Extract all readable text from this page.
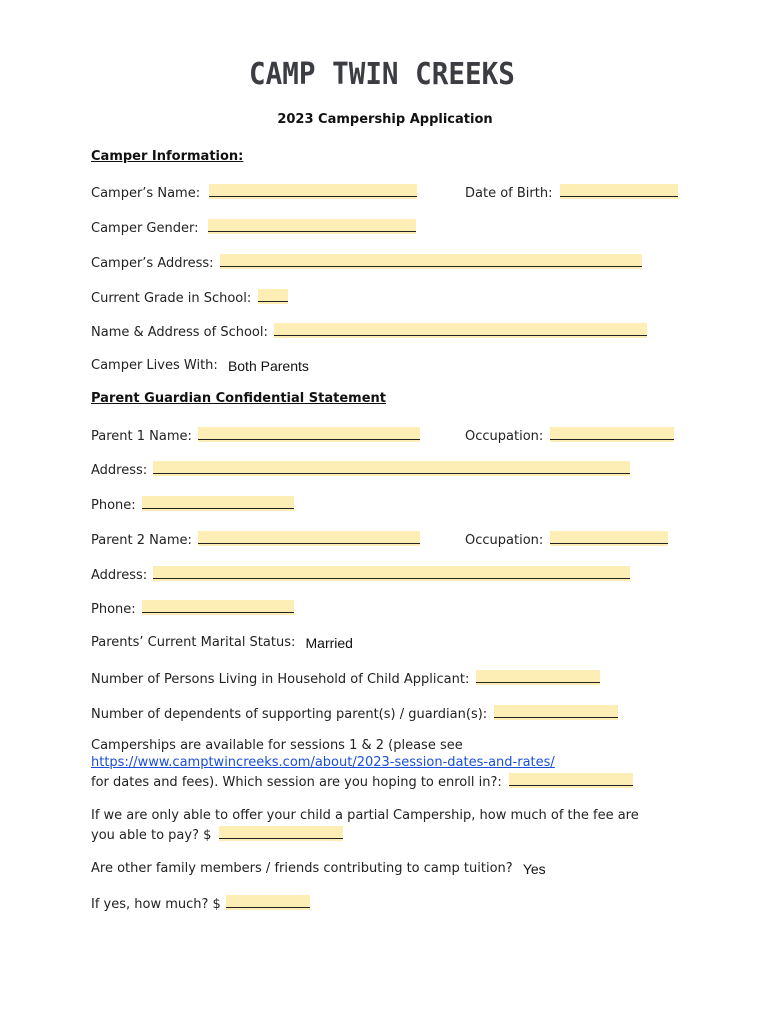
CAMP TWIN CREEKS
2023 Campership Application
Camper Information:
Camper’s Name:	Date of Birth:
Camper Gender:
Camper’s Address:
Current Grade in School:
Name & Address of School:
Camper Lives With: Both Parents
Parent Guardian Confidential Statement
Parent 1 Name:	Occupation:
Address:
Phone:
Parent 2 Name:	Occupation:
Address:
Phone:
Parents’ Current Marital Status: Married
Number of Persons Living in Household of Child Applicant:
Number of dependents of supporting parent(s) / guardian(s):
Camperships are available for sessions 1 & 2 (please see
https://www.camptwincreeks.com/about/2023-session-dates-and-rates/
for dates and fees). Which session are you hoping to enroll in?:
If we are only able to offer your child a partial Campership, how much of the fee are
you able to pay? $
Are other family members / friends contributing to camp tuition? Yes
If yes, how much? $
